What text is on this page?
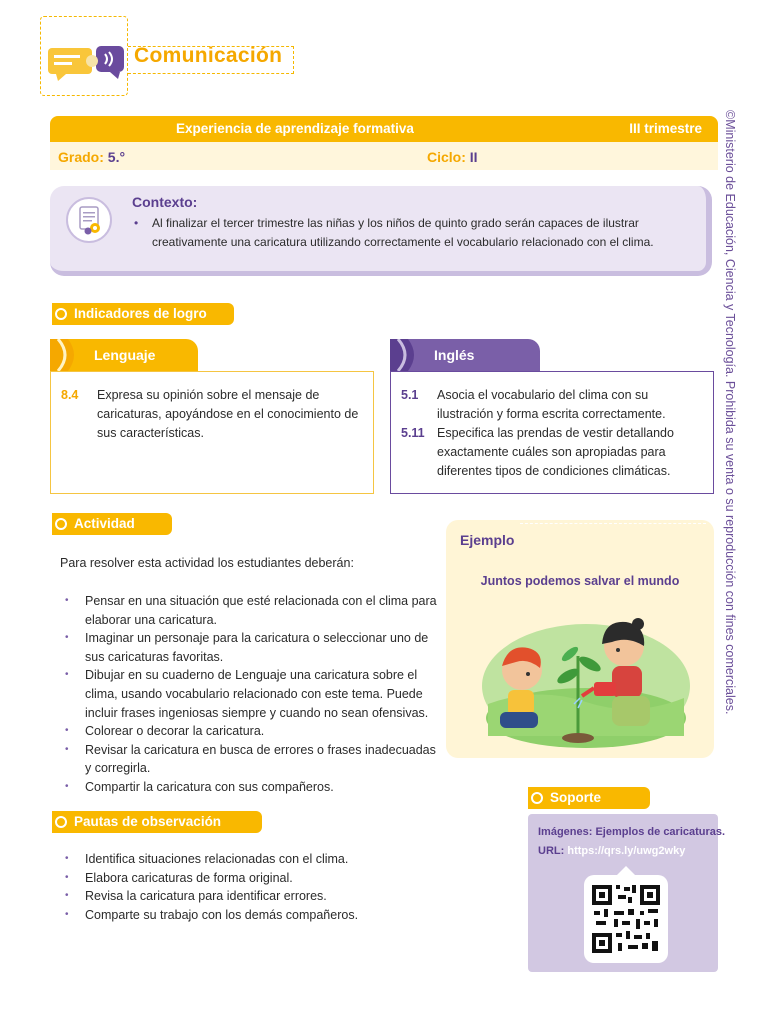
Comunicación
©Ministerio de Educación, Ciencia y Tecnología. Prohibida su venta o su reproducción con fines comerciales.
Experiencia de aprendizaje formativa	III trimestre
Grado: 5.°	Ciclo: II
Contexto:
• Al finalizar el tercer trimestre las niñas y los niños de quinto grado serán capaces de ilustrar creativamente una caricatura utilizando correctamente el vocabulario relacionado con el clima.
Indicadores de logro
Lenguaje
8.4 Expresa su opinión sobre el mensaje de caricaturas, apoyándose en el conocimiento de sus características.
Inglés
5.1 Asocia el vocabulario del clima con su ilustración y forma escrita correctamente.
5.11 Especifica las prendas de vestir detallando exactamente cuáles son apropiadas para diferentes tipos de condiciones climáticas.
Actividad
Para resolver esta actividad los estudiantes deberán:
• Pensar en una situación que esté relacionada con el clima para elaborar una caricatura.
• Imaginar un personaje para la caricatura o seleccionar uno de sus caricaturas favoritas.
• Dibujar en su cuaderno de Lenguaje una caricatura sobre el clima, usando vocabulario relacionado con este tema. Puede incluir frases ingeniosas siempre y cuando no sean ofensivas.
• Colorear o decorar la caricatura.
• Revisar la caricatura en busca de errores o frases inadecuadas y corregirla.
• Compartir la caricatura con sus compañeros.
Ejemplo
Juntos podemos salvar el mundo
Pautas de observación
• Identifica situaciones relacionadas con el clima.
• Elabora caricaturas de forma original.
• Revisa la caricatura para identificar errores.
• Comparte su trabajo con los demás compañeros.
Soporte
Imágenes: Ejemplos de caricaturas.
URL: https://qrs.ly/uwg2wky
